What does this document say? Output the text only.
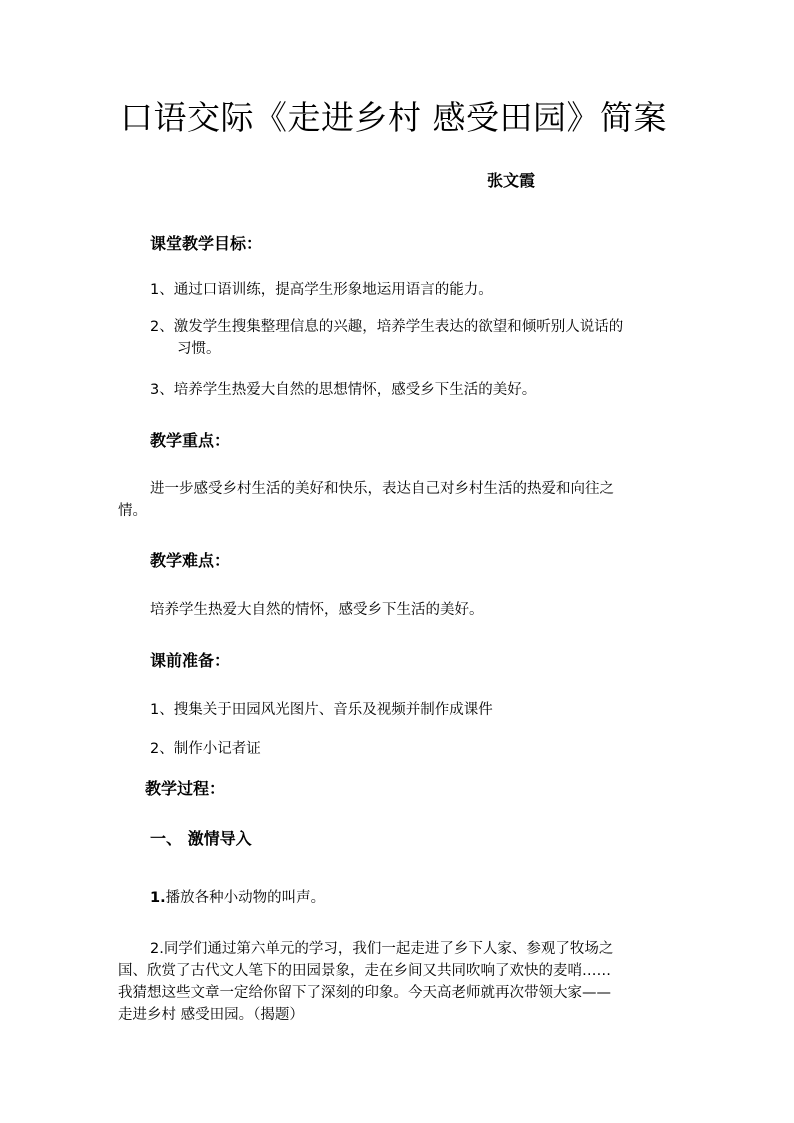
口语交际《走进乡村 感受田园》简案
张文霞
课堂教学目标：
1、通过口语训练，提高学生形象地运用语言的能力。
2、激发学生搜集整理信息的兴趣，培养学生表达的欲望和倾听别人说话的
习惯。
3、培养学生热爱大自然的思想情怀，感受乡下生活的美好。
教学重点：
进一步感受乡村生活的美好和快乐，表达自己对乡村生活的热爱和向往之
情。
教学难点：
培养学生热爱大自然的情怀，感受乡下生活的美好。
课前准备：
1、搜集关于田园风光图片、音乐及视频并制作成课件
2、制作小记者证
教学过程：
一、 激情导入
1.播放各种小动物的叫声。
2.同学们通过第六单元的学习，我们一起走进了乡下人家、参观了牧场之
国、欣赏了古代文人笔下的田园景象，走在乡间又共同吹响了欢快的麦哨……
我猜想这些文章一定给你留下了深刻的印象。今天高老师就再次带领大家——
走进乡村 感受田园。（揭题）
